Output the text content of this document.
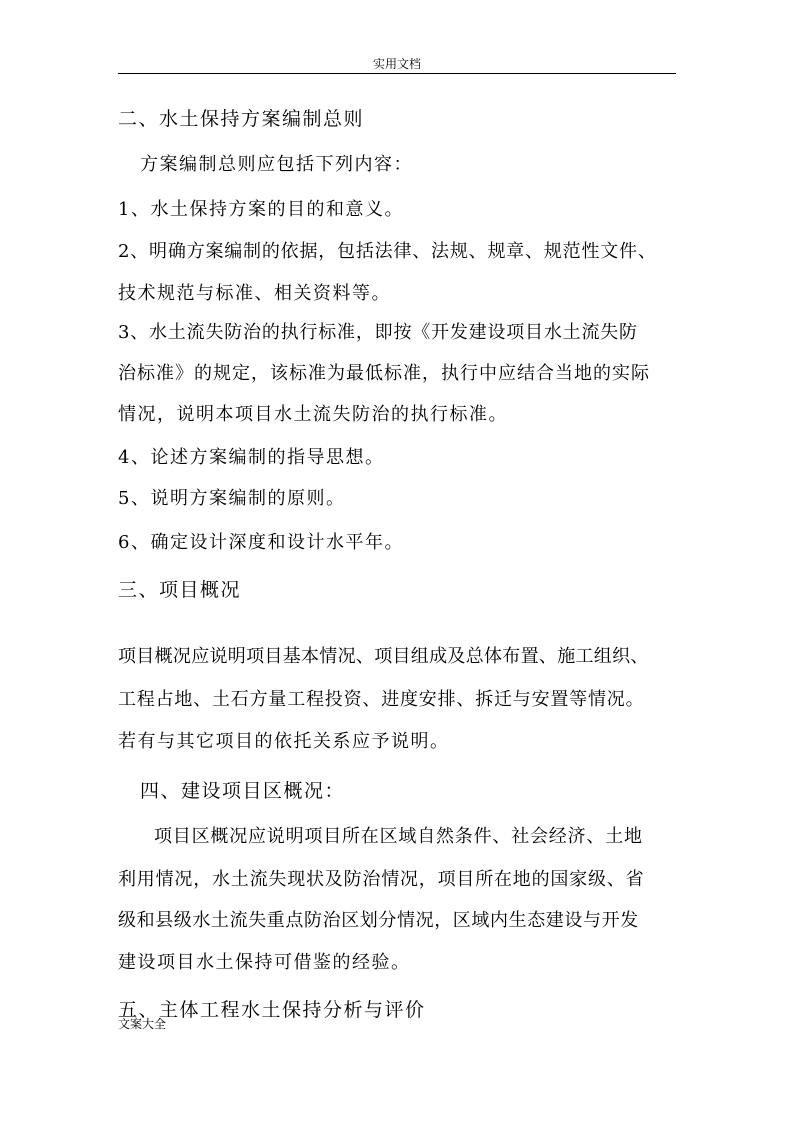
实用文档
二、水土保持方案编制总则
方案编制总则应包括下列内容：
1、水土保持方案的目的和意义。
2、明确方案编制的依据，包括法律、法规、规章、规范性文件、
技术规范与标准、相关资料等。
3、水土流失防治的执行标准，即按《开发建设项目水土流失防
治标准》的规定，该标准为最低标准，执行中应结合当地的实际
情况，说明本项目水土流失防治的执行标准。
4、论述方案编制的指导思想。
5、说明方案编制的原则。
6、确定设计深度和设计水平年。
三、项目概况
项目概况应说明项目基本情况、项目组成及总体布置、施工组织、
工程占地、土石方量工程投资、进度安排、拆迁与安置等情况。
若有与其它项目的依托关系应予说明。
四、建设项目区概况：
项目区概况应说明项目所在区域自然条件、社会经济、土地
利用情况，水土流失现状及防治情况，项目所在地的国家级、省
级和县级水土流失重点防治区划分情况，区域内生态建设与开发
建设项目水土保持可借鉴的经验。
五、主体工程水土保持分析与评价
文案大全
